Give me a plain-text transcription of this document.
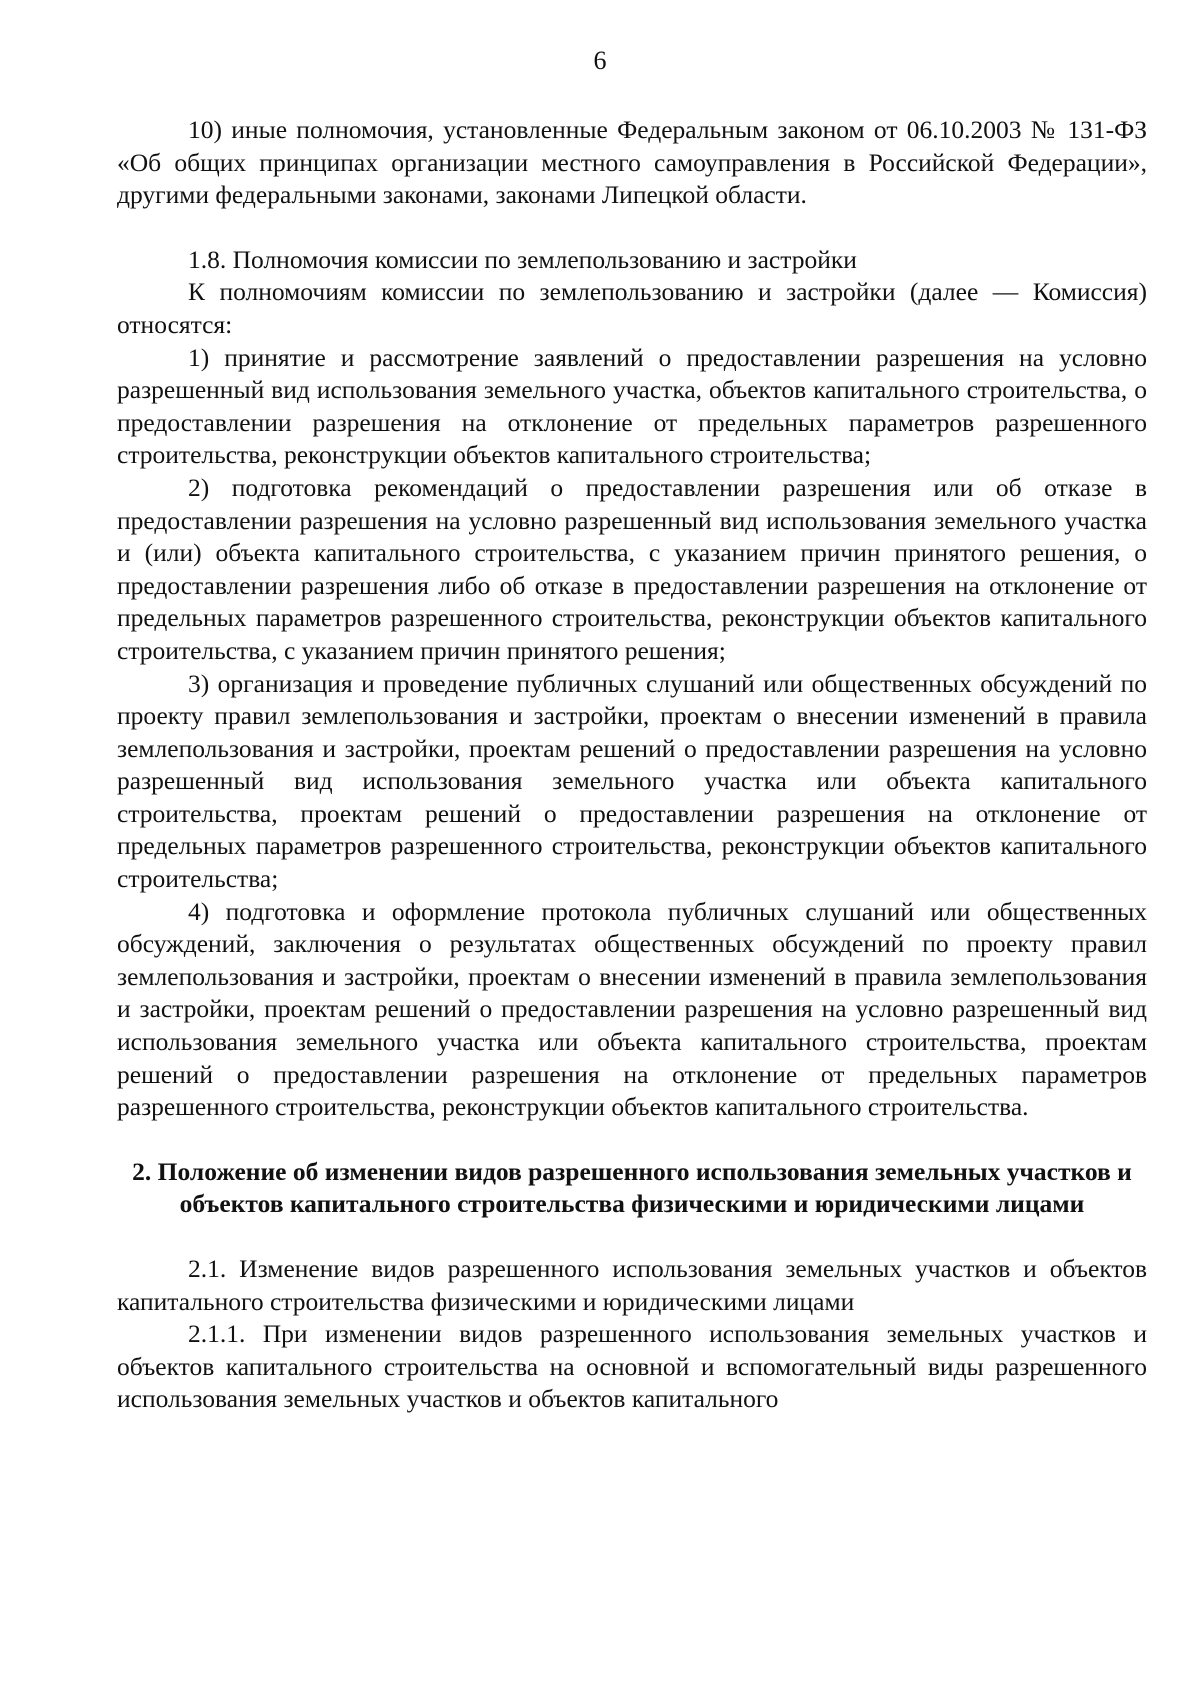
6

10) иные полномочия, установленные Федеральным законом от 06.10.2003 № 131-ФЗ «Об общих принципах организации местного самоуправления в Российской Федерации», другими федеральными законами, законами Липецкой области.

1.8. Полномочия комиссии по землепользованию и застройки

К полномочиям комиссии по землепользованию и застройки (далее — Комиссия) относятся:

1) принятие и рассмотрение заявлений о предоставлении разрешения на условно разрешенный вид использования земельного участка, объектов капитального строительства, о предоставлении разрешения на отклонение от предельных параметров разрешенного строительства, реконструкции объектов капитального строительства;

2) подготовка рекомендаций о предоставлении разрешения или об отказе в предоставлении разрешения на условно разрешенный вид использования земельного участка и (или) объекта капитального строительства, с указанием причин принятого решения, о предоставлении разрешения либо об отказе в предоставлении разрешения на отклонение от предельных параметров разрешенного строительства, реконструкции объектов капитального строительства, с указанием причин принятого решения;

3) организация и проведение публичных слушаний или общественных обсуждений по проекту правил землепользования и застройки, проектам о внесении изменений в правила землепользования и застройки, проектам решений о предоставлении разрешения на условно разрешенный вид использования земельного участка или объекта капитального строительства, проектам решений о предоставлении разрешения на отклонение от предельных параметров разрешенного строительства, реконструкции объектов капитального строительства;

4) подготовка и оформление протокола публичных слушаний или общественных обсуждений, заключения о результатах общественных обсуждений по проекту правил землепользования и застройки, проектам о внесении изменений в правила землепользования и застройки, проектам решений о предоставлении разрешения на условно разрешенный вид использования земельного участка или объекта капитального строительства, проектам решений о предоставлении разрешения на отклонение от предельных параметров разрешенного строительства, реконструкции объектов капитального строительства.

2. Положение об изменении видов разрешенного использования земельных участков и объектов капитального строительства физическими и юридическими лицами

2.1. Изменение видов разрешенного использования земельных участков и объектов капитального строительства физическими и юридическими лицами

2.1.1. При изменении видов разрешенного использования земельных участков и объектов капитального строительства на основной и вспомогательный виды разрешенного использования земельных участков и объектов капитального
